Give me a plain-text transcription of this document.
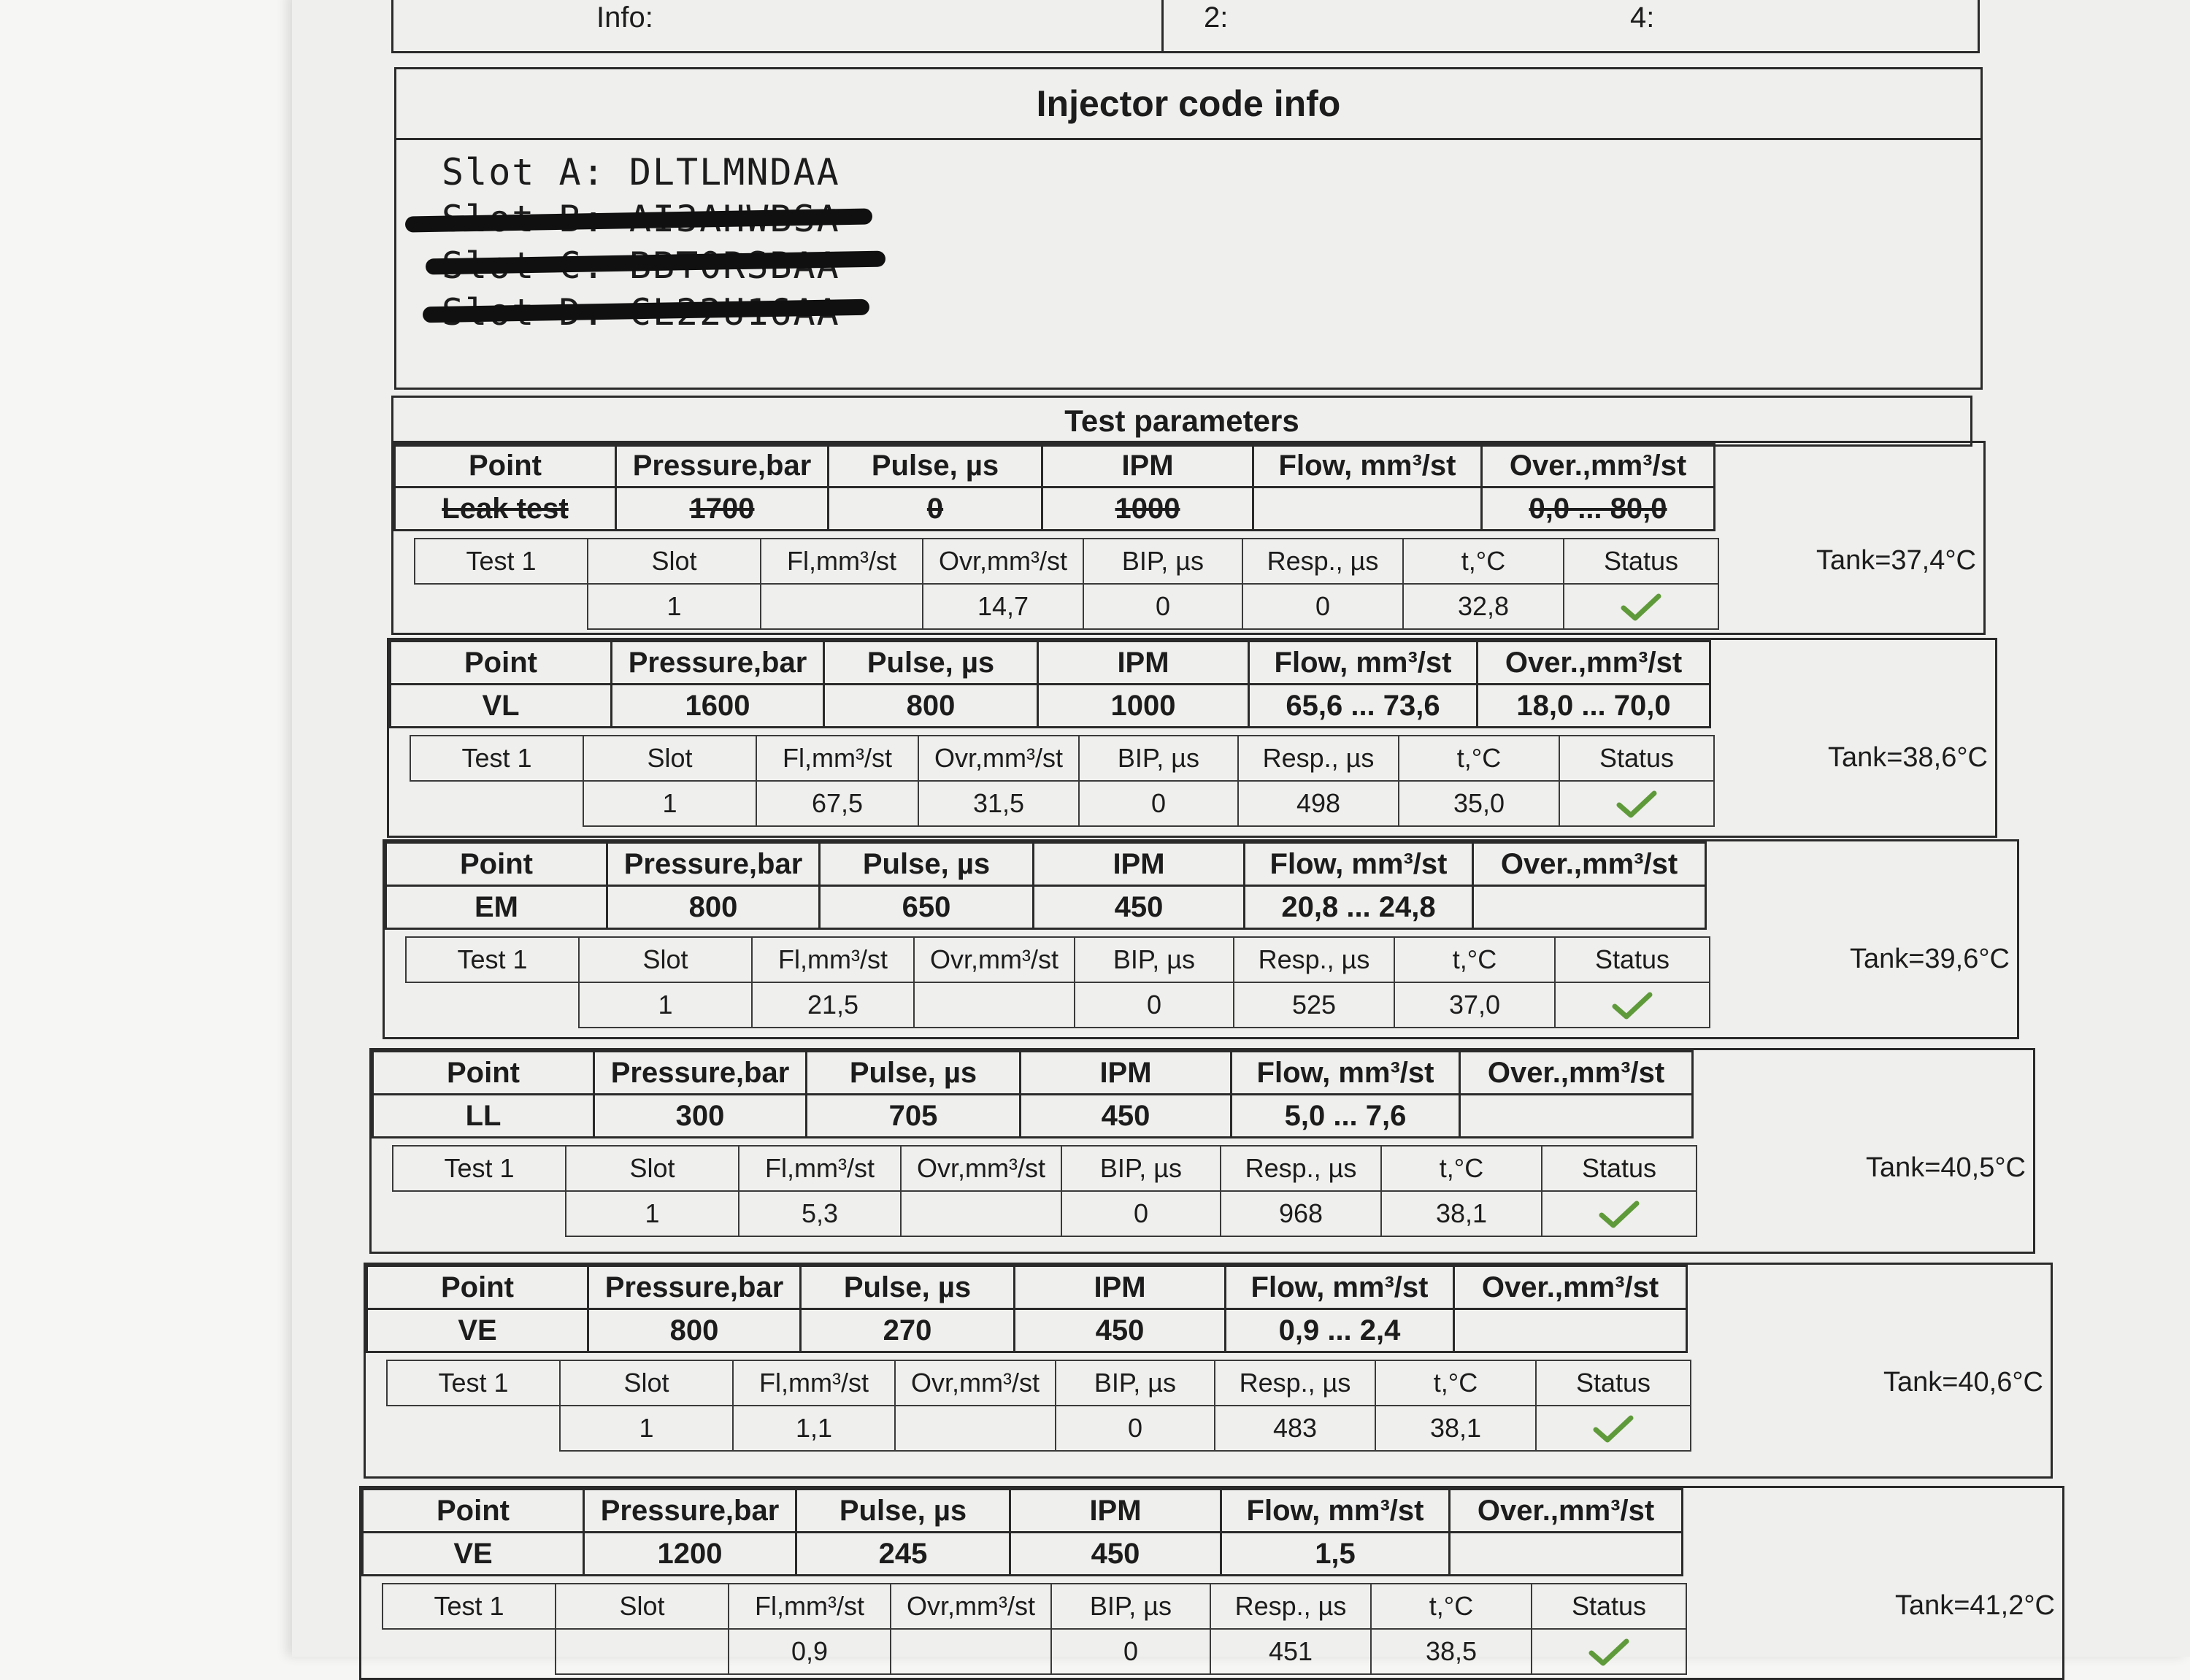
Info:	2:	4:
Injector code info
Slot A: DLTLMNDAA
Test parameters
Point	Pressure,bar	Pulse, µs	IPM	Flow, mm³/st	Over.,mm³/st
Leak test	1700	0	1000		0,0 ... 80,0
Test 1	Slot	Fl,mm³/st	Ovr,mm³/st	BIP, µs	Resp., µs	t,°C	Status
	1		14,7	0	0	32,8	
Tank=37,4°C
Point	Pressure,bar	Pulse, µs	IPM	Flow, mm³/st	Over.,mm³/st
VL	1600	800	1000	65,6 ... 73,6	18,0 ... 70,0
Test 1	Slot	Fl,mm³/st	Ovr,mm³/st	BIP, µs	Resp., µs	t,°C	Status
	1	67,5	31,5	0	498	35,0	
Tank=38,6°C
Point	Pressure,bar	Pulse, µs	IPM	Flow, mm³/st	Over.,mm³/st
EM	800	650	450	20,8 ... 24,8	
Test 1	Slot	Fl,mm³/st	Ovr,mm³/st	BIP, µs	Resp., µs	t,°C	Status
	1	21,5		0	525	37,0	
Tank=39,6°C
Point	Pressure,bar	Pulse, µs	IPM	Flow, mm³/st	Over.,mm³/st
LL	300	705	450	5,0 ... 7,6	
Test 1	Slot	Fl,mm³/st	Ovr,mm³/st	BIP, µs	Resp., µs	t,°C	Status
	1	5,3		0	968	38,1	
Tank=40,5°C
Point	Pressure,bar	Pulse, µs	IPM	Flow, mm³/st	Over.,mm³/st
VE	800	270	450	0,9 ... 2,4	
Test 1	Slot	Fl,mm³/st	Ovr,mm³/st	BIP, µs	Resp., µs	t,°C	Status
	1	1,1		0	483	38,1	
Tank=40,6°C
Point	Pressure,bar	Pulse, µs	IPM	Flow, mm³/st	Over.,mm³/st
VE	1200	245	450	1,5	
Test 1	Slot	Fl,mm³/st	Ovr,mm³/st	BIP, µs	Resp., µs	t,°C	Status
		0,9		0	451	38,5	
Tank=41,2°C
